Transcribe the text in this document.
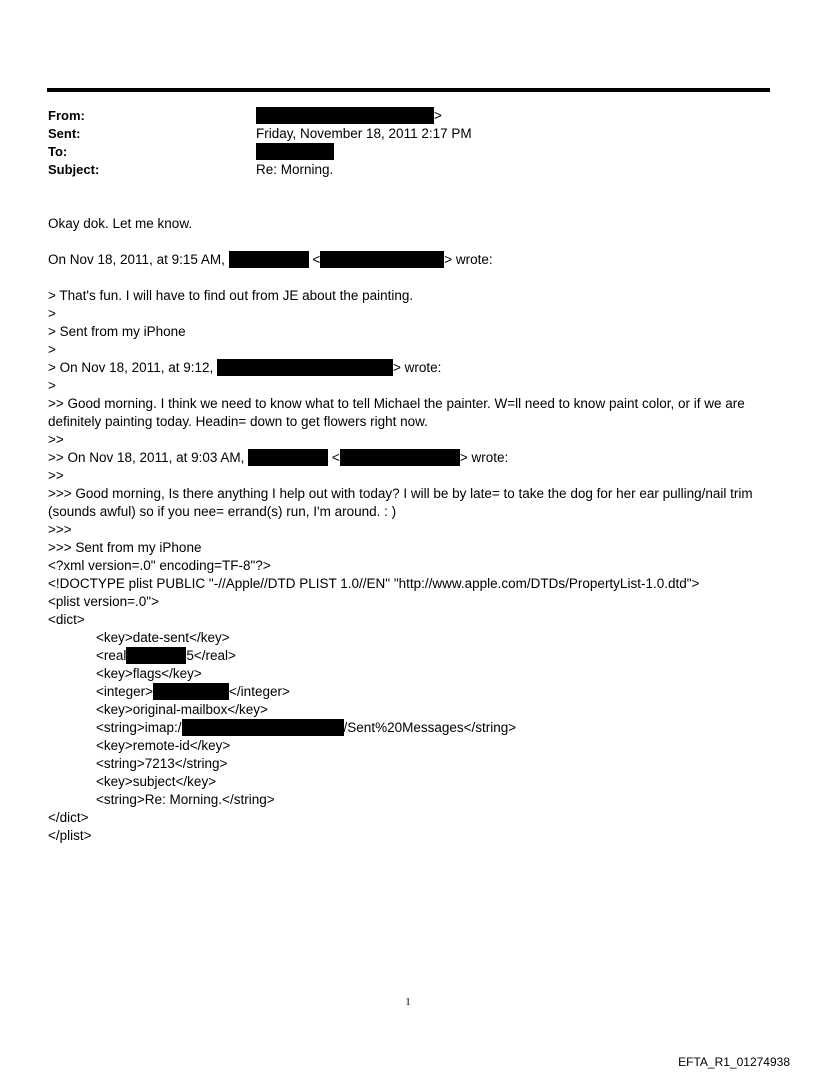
From:	>
Sent:	Friday, November 18, 2011 2:17 PM
To:
Subject:	Re: Morning.
Okay dok. Let me know.
On Nov 18, 2011, at 9:15 AM,	<	> wrote:
> That's fun. I will have to find out from JE about the painting.
>
> Sent from my iPhone
>
> On Nov 18, 2011, at 9:12,	> wrote:
>
>> Good morning. I think we need to know what to tell Michael the painter. W=ll need to know paint color, or if we are definitely painting today. Headin= down to get flowers right now.
>>
>> On Nov 18, 2011, at 9:03 AM,	<	> wrote:
>>
>>> Good morning, Is there anything I help out with today? I will be by late= to take the dog for her ear pulling/nail trim (sounds awful) so if you nee= errand(s) run, I'm around. : )
>>>
>>> Sent from my iPhone
<?xml version=.0" encoding=TF-8"?>
<!DOCTYPE plist PUBLIC "-//Apple//DTD PLIST 1.0//EN" "http://www.apple.com/DTDs/PropertyList-1.0.dtd">
<plist version=.0">
<dict>
<key>date-sent</key>
<real	5</real>
<key>flags</key>
<integer>	</integer>
<key>original-mailbox</key>
<string>imap:/	/Sent%20Messages</string>
<key>remote-id</key>
<string>7213</string>
<key>subject</key>
<string>Re: Morning.</string>
</dict>
</plist>
1
EFTA_R1_01274938
